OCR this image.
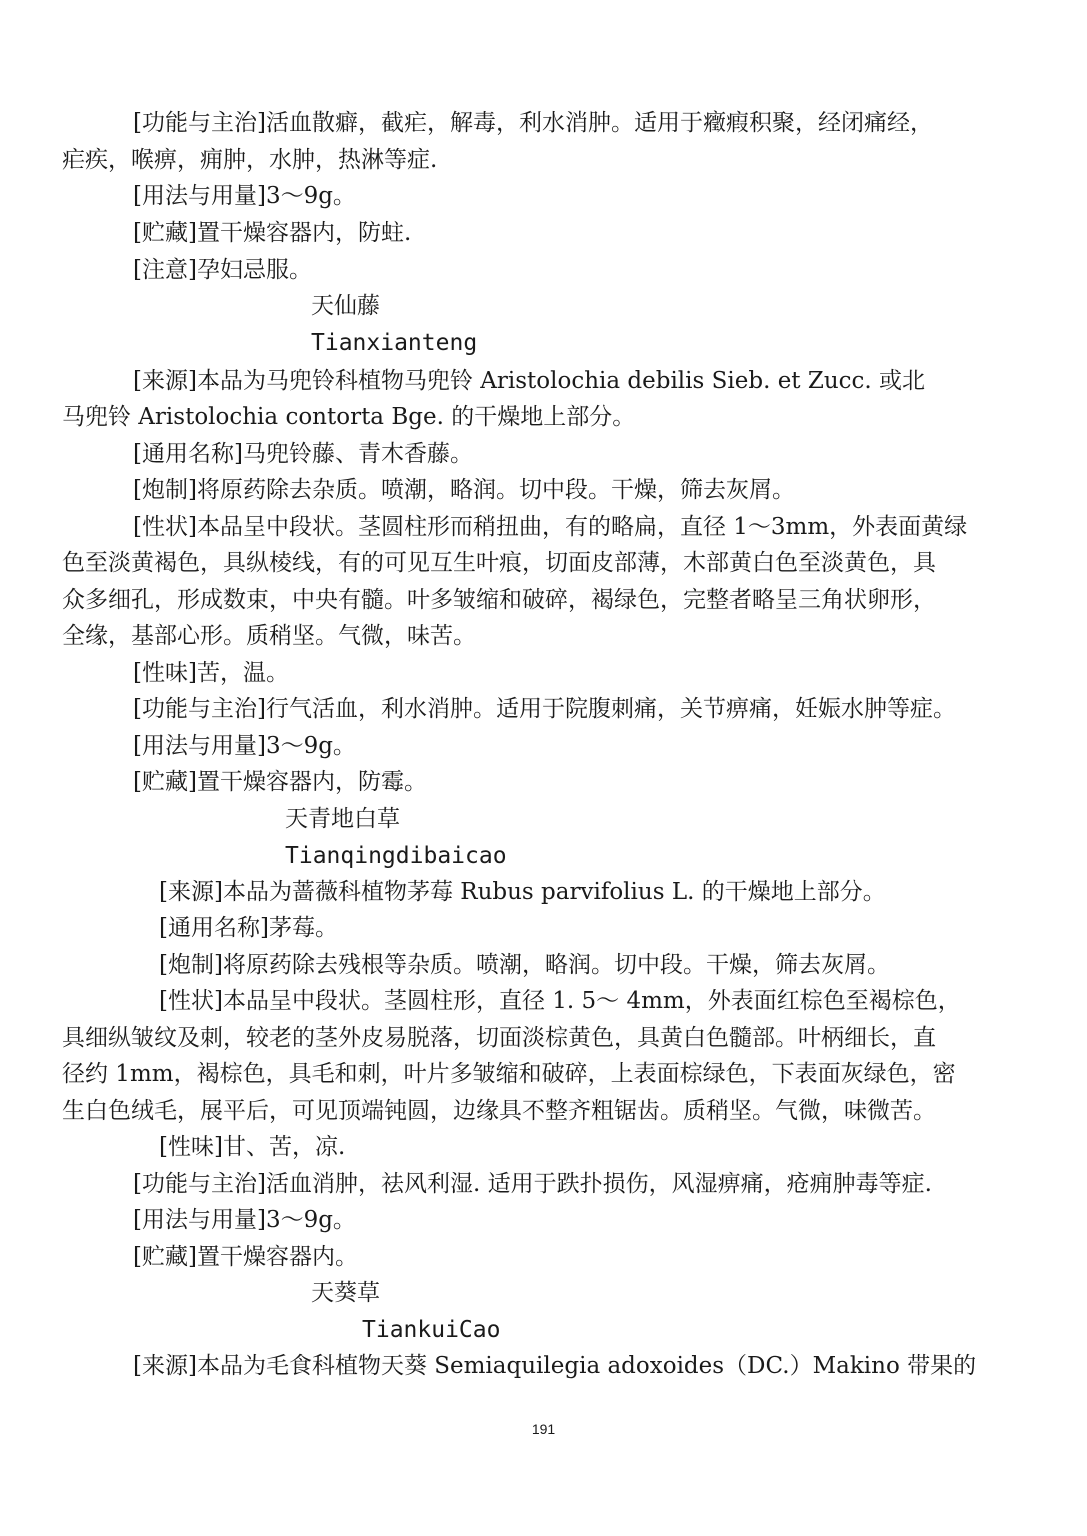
[功能与主治]活血散癖，截疟，解毒，利水消肿。适用于癥瘕积聚，经闭痛经，
疟疾，喉痹，痈肿，水肿，热淋等症.
[用法与用量]3～9g。
[贮藏]置干燥容器内，防蛀.
[注意]孕妇忌服。
天仙藤
Tianxianteng
[来源]本品为马兜铃科植物马兜铃 Aristolochia debilis Sieb. et Zucc. 或北
马兜铃 Aristolochia contorta Bge. 的干燥地上部分。
[通用名称]马兜铃藤、青木香藤。
[炮制]将原药除去杂质。喷潮，略润。切中段。干燥，筛去灰屑。
[性状]本品呈中段状。茎圆柱形而稍扭曲，有的略扁，直径 1～3mm，外表面黄绿
色至淡黄褐色，具纵棱线，有的可见互生叶痕，切面皮部薄，木部黄白色至淡黄色，具
众多细孔，形成数束，中央有髓。叶多皱缩和破碎，褐绿色，完整者略呈三角状卵形，
全缘，基部心形。质稍坚。气微，味苦。
[性味]苦，温。
[功能与主治]行气活血，利水消肿。适用于院腹刺痛，关节痹痛，妊娠水肿等症。
[用法与用量]3～9g。
[贮藏]置干燥容器内，防霉。
天青地白草
Tianqingdibaicao
[来源]本品为蔷薇科植物茅莓 Rubus parvifolius L. 的干燥地上部分。
[通用名称]茅莓。
[炮制]将原药除去残根等杂质。喷潮，略润。切中段。干燥，筛去灰屑。
[性状]本品呈中段状。茎圆柱形，直径 1. 5～ 4mm，外表面红棕色至褐棕色，
具细纵皱纹及刺，较老的茎外皮易脱落，切面淡棕黄色，具黄白色髓部。叶柄细长，直
径约 1mm，褐棕色，具毛和刺，叶片多皱缩和破碎，上表面棕绿色，下表面灰绿色，密
生白色绒毛，展平后，可见顶端钝圆，边缘具不整齐粗锯齿。质稍坚。气微，味微苦。
[性味]甘、苦，凉.
[功能与主治]活血消肿，祛风利湿. 适用于跌扑损伤，风湿痹痛，疮痈肿毒等症.
[用法与用量]3～9g。
[贮藏]置干燥容器内。
天葵草
TiankuiCao
[来源]本品为毛食科植物天葵 Semiaquilegia adoxoides（DC.）Makino 带果的
191
